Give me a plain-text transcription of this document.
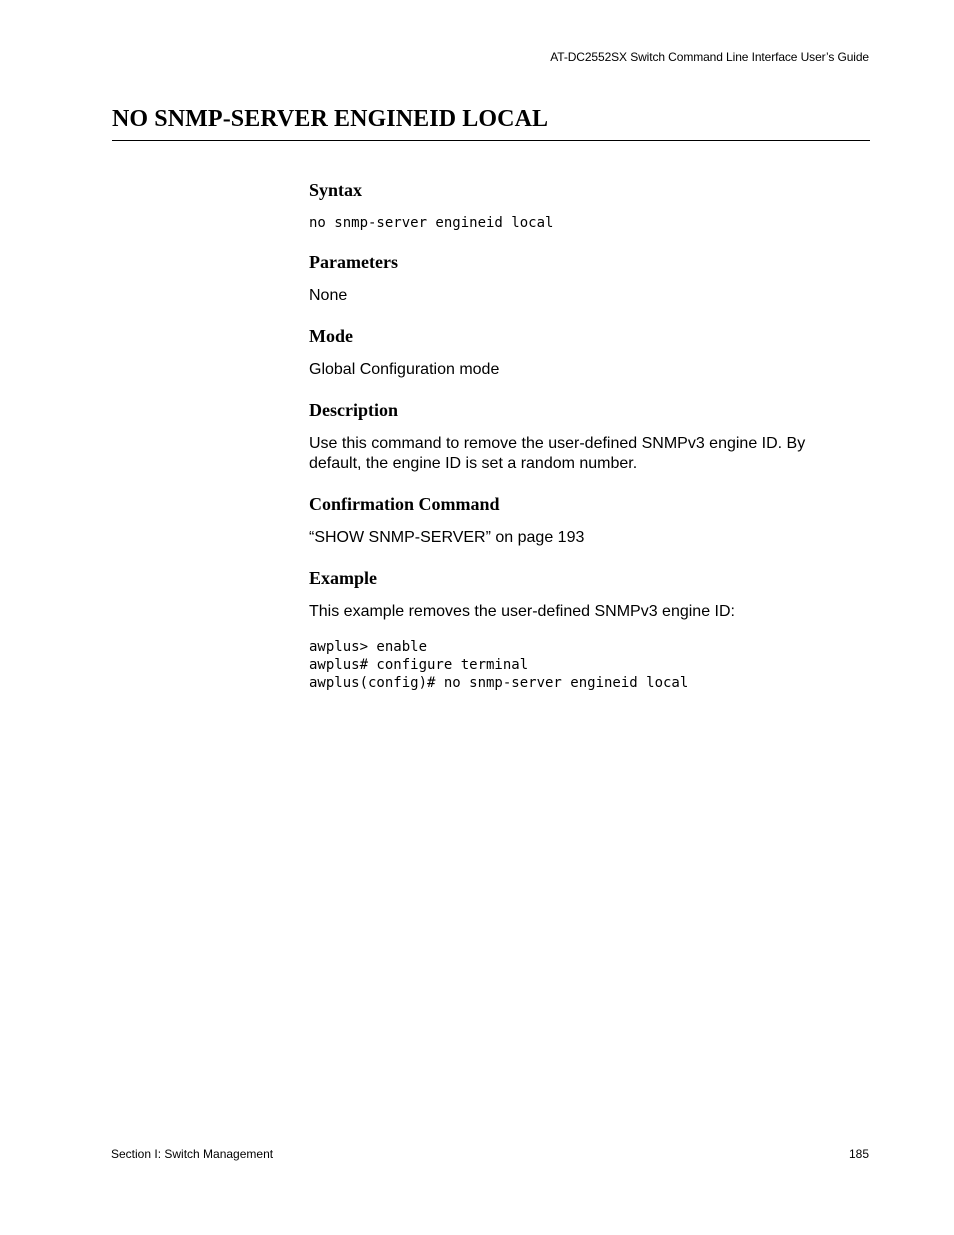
AT-DC2552SX Switch Command Line Interface User’s Guide
NO SNMP-SERVER ENGINEID LOCAL
Syntax
no snmp-server engineid local
Parameters

None

Mode

Global Configuration mode

Description

Use this command to remove the user-defined SNMPv3 engine ID. By default, the engine ID is set a random number.

Confirmation Command

“SHOW SNMP-SERVER” on page 193

Example

This example removes the user-defined SNMPv3 engine ID:

awplus> enable
awplus# configure terminal
awplus(config)# no snmp-server engineid local
Section I: Switch Management	185
